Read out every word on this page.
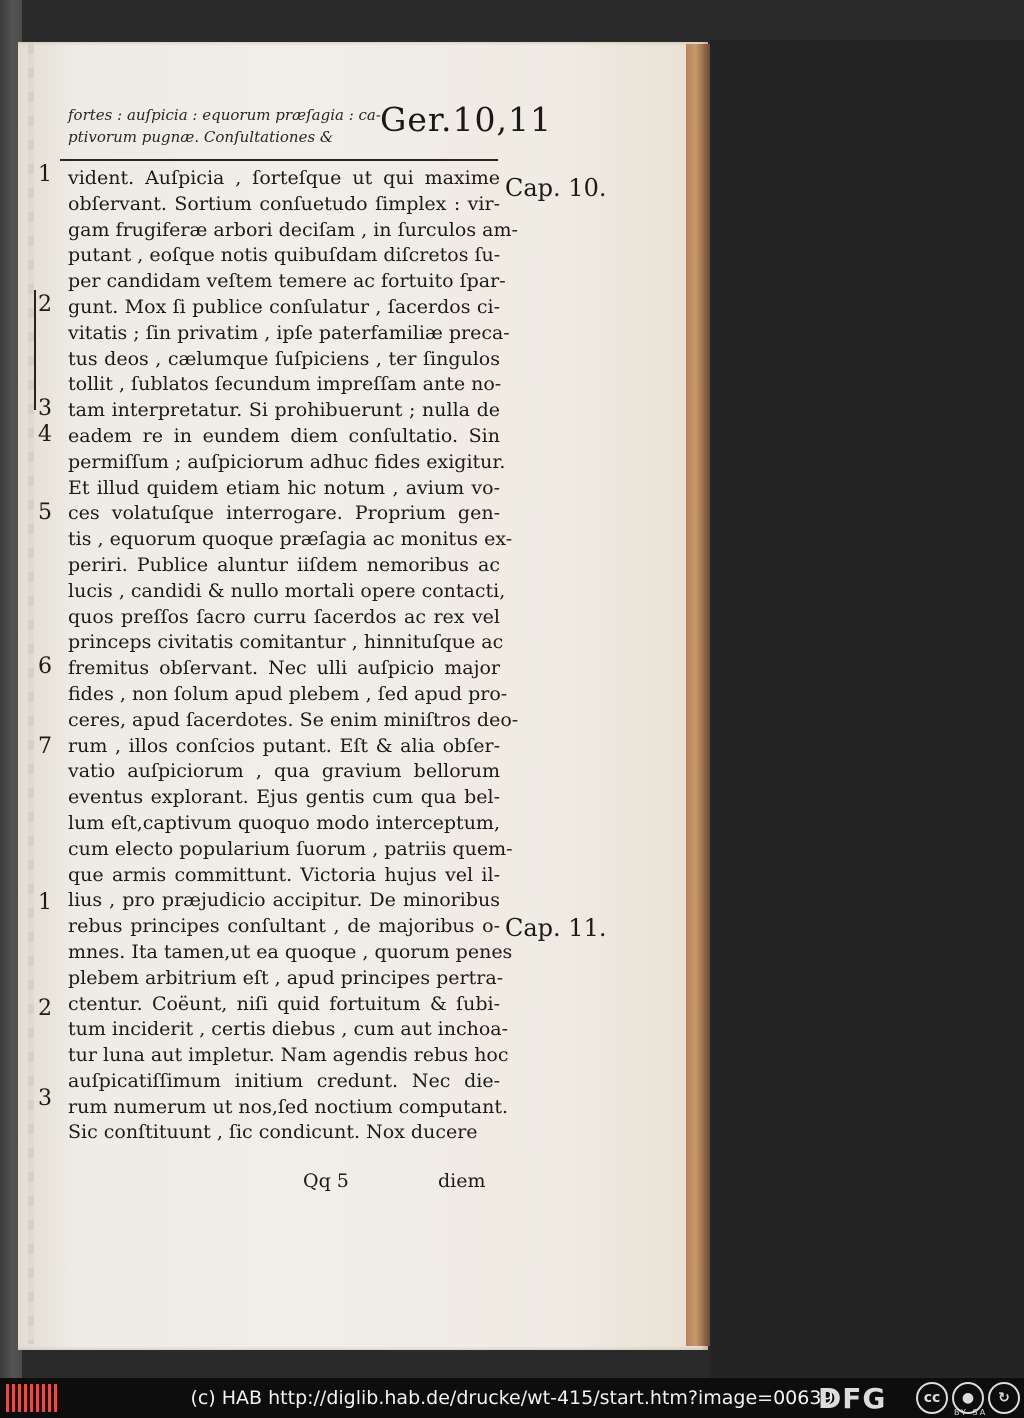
fortes : auſpicia : equorum præſagia : ca-
ptivorum pugnæ. Conſultationes &	Ger.10,11
vident. Auſpicia , ſorteſque ut qui maxime
obſervant. Sortium conſuetudo ſimplex : vir-
gam frugiferæ arbori deciſam , in ſurculos am-
putant , eoſque notis quibuſdam diſcretos ſu-
per candidam veſtem temere ac fortuito ſpar-
gunt. Mox ſi publice conſulatur , ſacerdos ci-
vitatis ; ſin privatim , ipſe paterfamiliæ preca-
tus deos , cælumque ſuſpiciens , ter ſingulos
tollit , ſublatos ſecundum impreſſam ante no-
tam interpretatur. Si prohibuerunt ; nulla de
eadem re in eundem diem conſultatio. Sin
permiſſum ; auſpiciorum adhuc fides exigitur.
Et illud quidem etiam hic notum , avium vo-
ces volatuſque interrogare. Proprium gen-
tis , equorum quoque præſagia ac monitus ex-
periri. Publice aluntur iiſdem nemoribus ac
lucis , candidi & nullo mortali opere contacti,
quos preſſos ſacro curru ſacerdos ac rex vel
princeps civitatis comitantur , hinnituſque ac
fremitus obſervant. Nec ulli auſpicio major
fides , non ſolum apud plebem , ſed apud pro-
ceres, apud ſacerdotes. Se enim miniſtros deo-
rum , illos conſcios putant. Eſt & alia obſer-
vatio auſpiciorum , qua gravium bellorum
eventus explorant. Ejus gentis cum qua bel-
lum eſt,captivum quoquo modo interceptum,
cum electo popularium ſuorum , patriis quem-
que armis committunt. Victoria hujus vel il-
lius , pro præjudicio accipitur. De minoribus
rebus principes conſultant , de majoribus o-
mnes. Ita tamen,ut ea quoque , quorum penes
plebem arbitrium eſt , apud principes pertra-
ctentur. Coëunt, niſi quid fortuitum & ſubi-
tum inciderit , certis diebus , cum aut inchoa-
tur luna aut impletur. Nam agendis rebus hoc
auſpicatiſſimum initium credunt. Nec die-
rum numerum ut nos,ſed noctium computant.
Sic conſtituunt , ſic condicunt. Nox ducere
1
2
3
4
5
6
7
1
2
3
Cap. 10.
Cap. 11.
Qq 5	diem
(c) HAB http://diglib.hab.de/drucke/wt-415/start.htm?image=00639
DFG	cc	●	↻
BY SA
